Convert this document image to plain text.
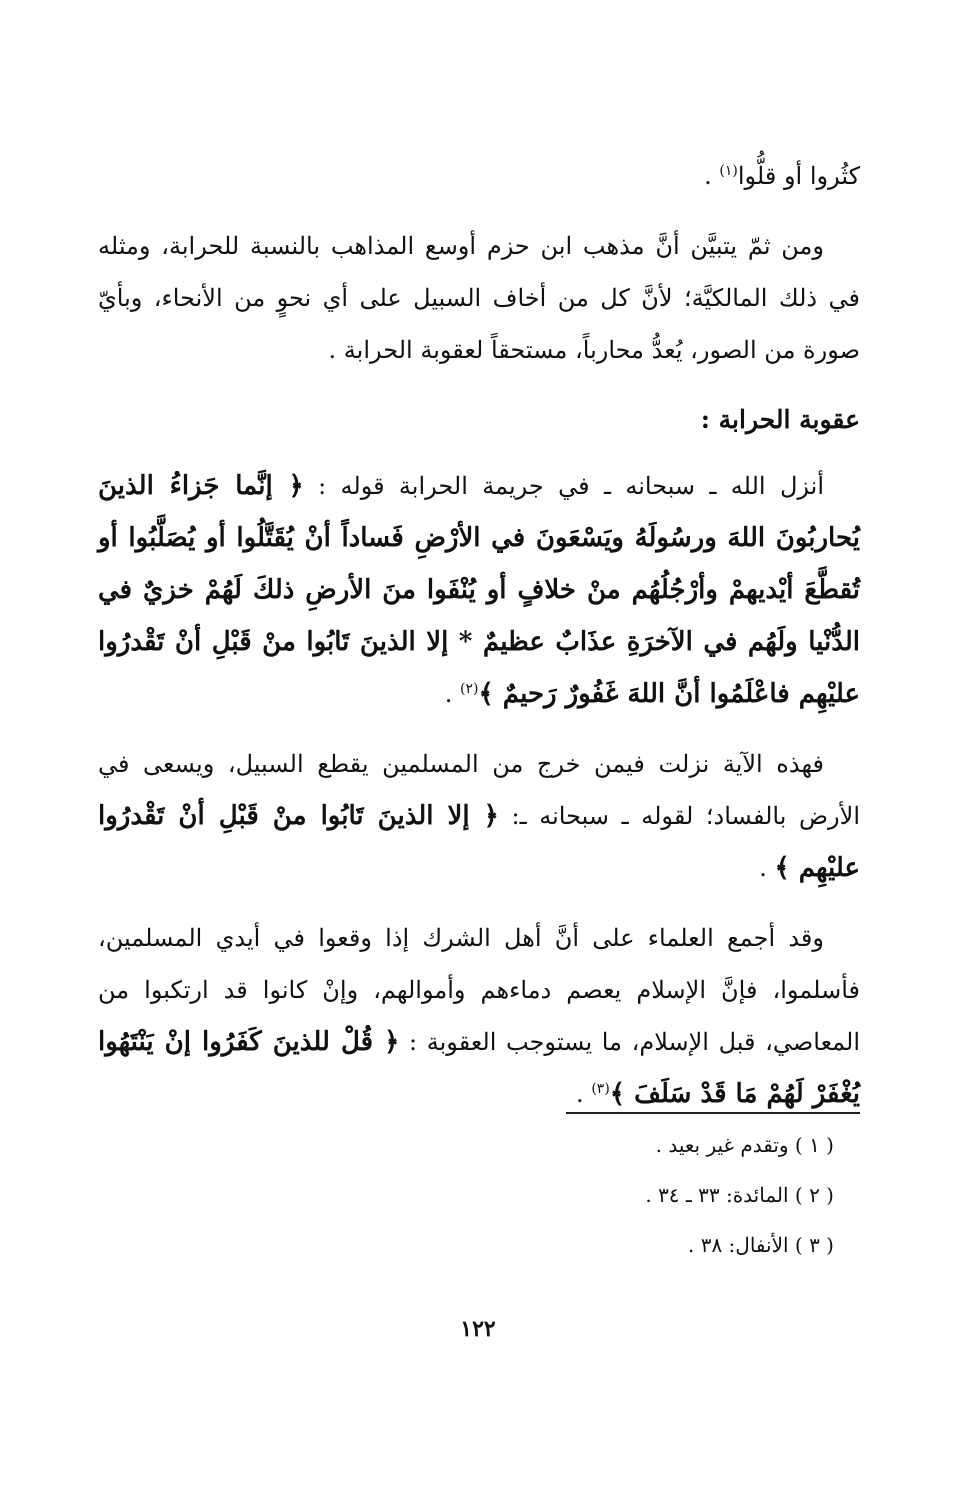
كثُروا أو قلُّوا$^{(١)}$ .

ومن ثمّ يتبيَّن أنَّ مذهب ابن حزم أوسع المذاهب بالنسبة للحرابة، ومثله في ذلك المالكيَّة؛ لأنَّ كل من أخاف السبيل على أي نحوٍ من الأنحاء، وبأيّ صورة من الصور، يُعدُّ محارباً، مستحقاً لعقوبة الحرابة .

عقوبة الحرابة :

أنزل الله ـ سبحانه ـ في جريمة الحرابة قوله : ﴿ إنَّما جَزاءُ الذينَ يُحاربُونَ اللهَ ورسُولَهُ ويَسْعَونَ في الأرْضِ فَساداً أنْ يُقَتَّلُوا أو يُصَلَّبُوا أو تُقطَّعَ أيْديهمْ وأرْجُلُهُم منْ خلافٍ أو يُنْفَوا منَ الأرضِ ذلكَ لَهُمْ خزيٌ في الدُّنْيا ولَهُم في الآخرَةِ عذَابٌ عظيمٌ * إلا الذينَ تَابُوا منْ قَبْلِ أنْ تَقْدرُوا عليْهِم فاعْلَمُوا أنَّ اللهَ غَفُورٌ رَحيمٌ ﴾$^{(٢)}$ .

فهذه الآية نزلت فيمن خرج من المسلمين يقطع السبيل، ويسعى في الأرض بالفساد؛ لقوله ـ سبحانه ـ: ﴿ إلا الذينَ تَابُوا منْ قَبْلِ أنْ تَقْدرُوا عليْهِم ﴾ .

وقد أجمع العلماء على أنَّ أهل الشرك إذا وقعوا في أيدي المسلمين، فأسلموا، فإنَّ الإسلام يعصم دماءهم وأموالهم، وإنْ كانوا قد ارتكبوا من المعاصي، قبل الإسلام، ما يستوجب العقوبة : ﴿ قُلْ للذينَ كَفَرُوا إنْ يَنْتَهُوا يُغْفَرْ لَهُمْ مَا قَدْ سَلَفَ ﴾$^{(٣)}$ .

( ١ ) وتقدم غير بعيد .
( ٢ ) المائدة: ٣٣ ـ ٣٤ .
( ٣ ) الأنفال: ٣٨ .
١٢٢
